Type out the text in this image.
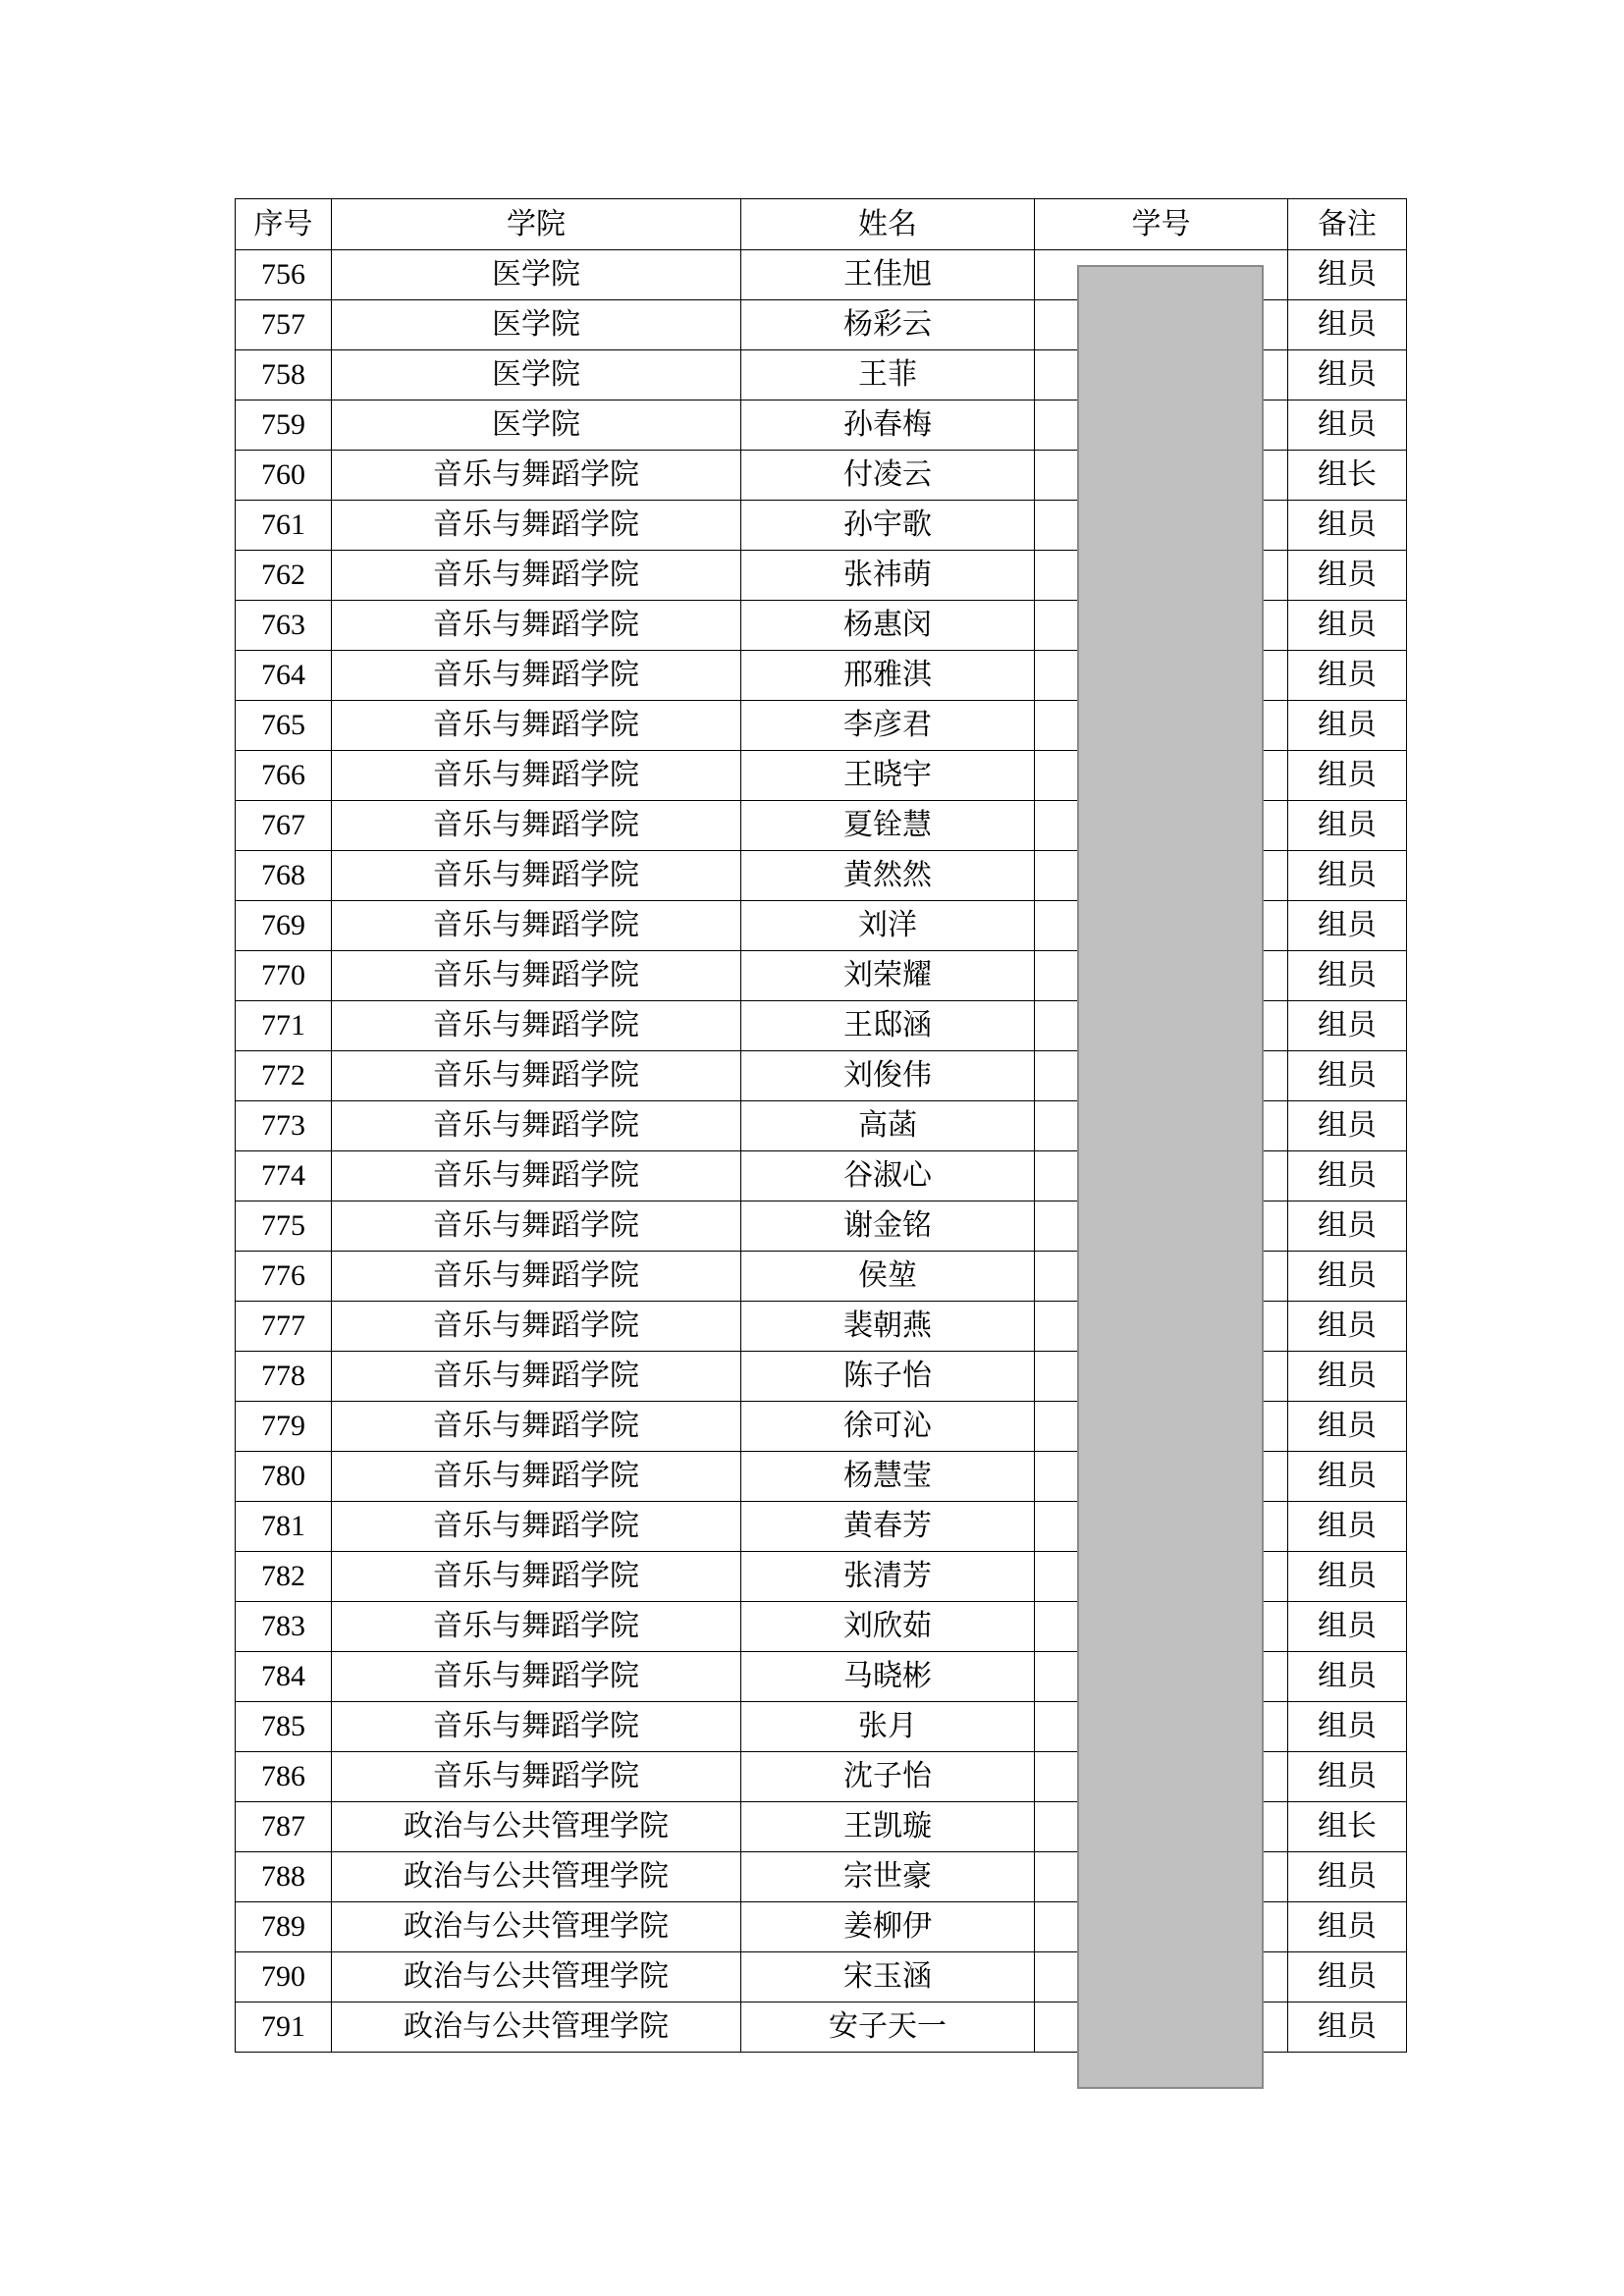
序号	学院	姓名	学号	备注
756	医学院	王佳旭		组员
757	医学院	杨彩云		组员
758	医学院	王菲		组员
759	医学院	孙春梅		组员
760	音乐与舞蹈学院	付凌云		组长
761	音乐与舞蹈学院	孙宇歌		组员
762	音乐与舞蹈学院	张祎萌		组员
763	音乐与舞蹈学院	杨惠闵		组员
764	音乐与舞蹈学院	邢雅淇		组员
765	音乐与舞蹈学院	李彦君		组员
766	音乐与舞蹈学院	王晓宇		组员
767	音乐与舞蹈学院	夏铨慧		组员
768	音乐与舞蹈学院	黄然然		组员
769	音乐与舞蹈学院	刘洋		组员
770	音乐与舞蹈学院	刘荣耀		组员
771	音乐与舞蹈学院	王邸涵		组员
772	音乐与舞蹈学院	刘俊伟		组员
773	音乐与舞蹈学院	高菡		组员
774	音乐与舞蹈学院	谷淑心		组员
775	音乐与舞蹈学院	谢金铭		组员
776	音乐与舞蹈学院	侯堃		组员
777	音乐与舞蹈学院	裴朝燕		组员
778	音乐与舞蹈学院	陈子怡		组员
779	音乐与舞蹈学院	徐可沁		组员
780	音乐与舞蹈学院	杨慧莹		组员
781	音乐与舞蹈学院	黄春芳		组员
782	音乐与舞蹈学院	张清芳		组员
783	音乐与舞蹈学院	刘欣茹		组员
784	音乐与舞蹈学院	马晓彬		组员
785	音乐与舞蹈学院	张月		组员
786	音乐与舞蹈学院	沈子怡		组员
787	政治与公共管理学院	王凯璇		组长
788	政治与公共管理学院	宗世豪		组员
789	政治与公共管理学院	姜柳伊		组员
790	政治与公共管理学院	宋玉涵		组员
791	政治与公共管理学院	安子天一		组员
